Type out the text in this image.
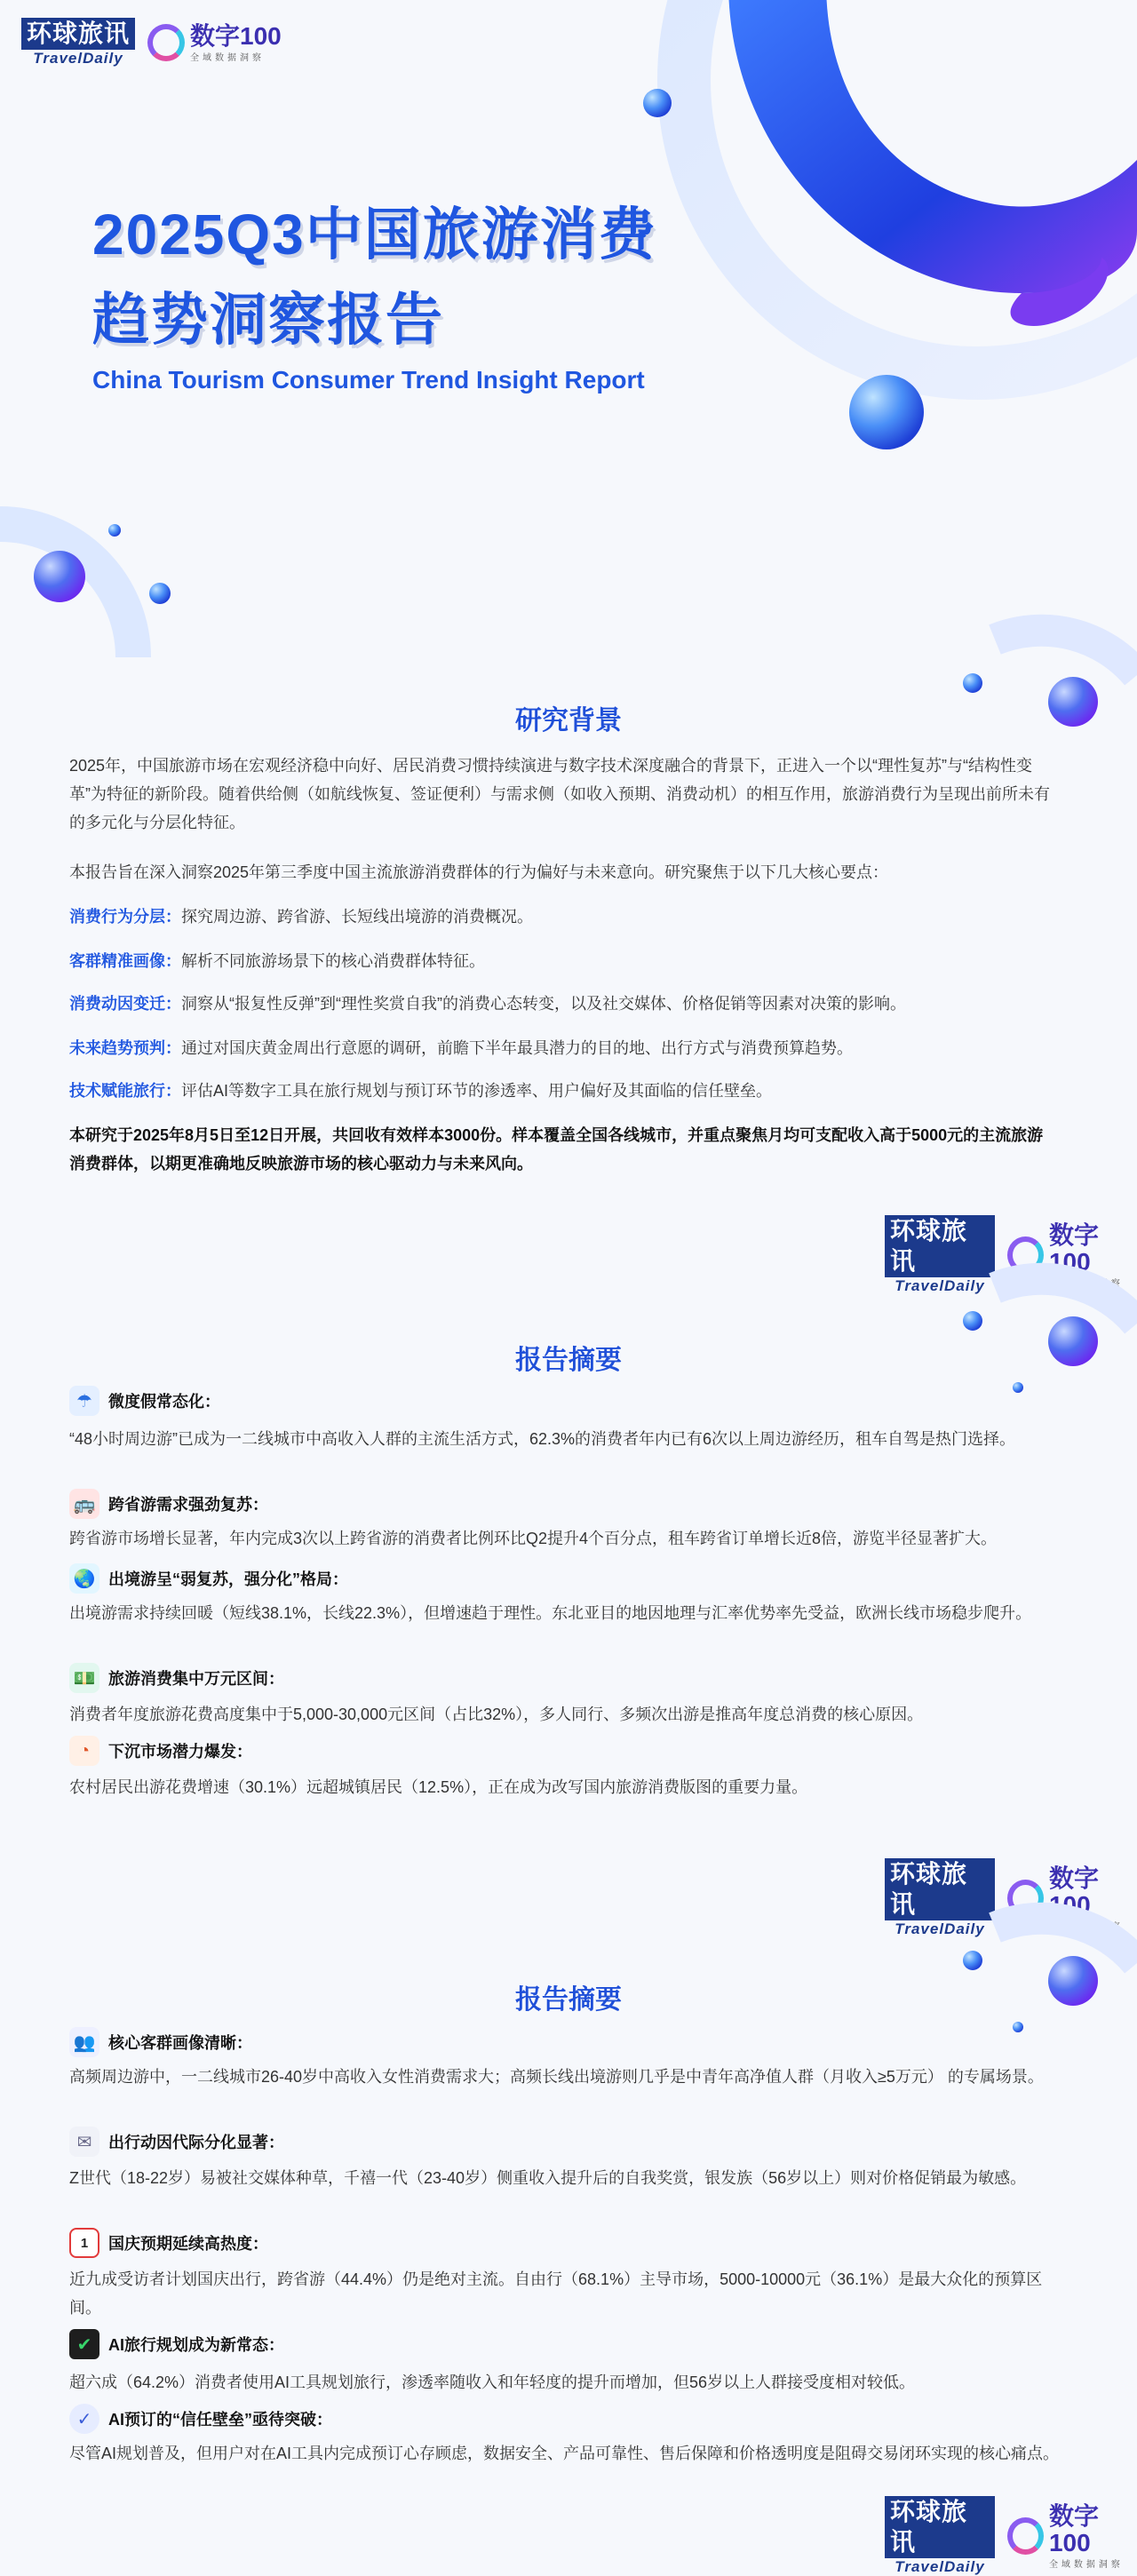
环球旅讯
TravelDaily
数字100
全域数据洞察
2025Q3中国旅游消费
趋势洞察报告
China Tourism Consumer Trend Insight Report
研究背景
2025年，中国旅游市场在宏观经济稳中向好、居民消费习惯持续演进与数字技术深度融合的背景下，正进入一个以“理性复苏”与“结构性变革”为特征的新阶段。随着供给侧（如航线恢复、签证便利）与需求侧（如收入预期、消费动机）的相互作用，旅游消费行为呈现出前所未有的多元化与分层化特征。
本报告旨在深入洞察2025年第三季度中国主流旅游消费群体的行为偏好与未来意向。研究聚焦于以下几大核心要点：
消费行为分层：探究周边游、跨省游、长短线出境游的消费概况。
客群精准画像：解析不同旅游场景下的核心消费群体特征。
消费动因变迁：洞察从“报复性反弹”到“理性奖赏自我”的消费心态转变，以及社交媒体、价格促销等因素对决策的影响。
未来趋势预判：通过对国庆黄金周出行意愿的调研，前瞻下半年最具潜力的目的地、出行方式与消费预算趋势。
技术赋能旅行：评估AI等数字工具在旅行规划与预订环节的渗透率、用户偏好及其面临的信任壁垒。
本研究于2025年8月5日至12日开展，共回收有效样本3000份。样本覆盖全国各线城市，并重点聚焦月均可支配收入高于5000元的主流旅游消费群体，以期更准确地反映旅游市场的核心驱动力与未来风向。
环球旅讯
TravelDaily
数字100
全域数据洞察
报告摘要
☂	微度假常态化：
“48小时周边游”已成为一二线城市中高收入人群的主流生活方式，62.3%的消费者年内已有6次以上周边游经历，租车自驾是热门选择。
🚌 跨省游需求强劲复苏：
跨省游市场增长显著，年内完成3次以上跨省游的消费者比例环比Q2提升4个百分点，租车跨省订单增长近8倍，游览半径显著扩大。
🌏 出境游呈“弱复苏，强分化”格局：
出境游需求持续回暖（短线38.1%，长线22.3%），但增速趋于理性。东北亚目的地因地理与汇率优势率先受益，欧洲长线市场稳步爬升。
💵 旅游消费集中万元区间：
消费者年度旅游花费高度集中于5,000-30,000元区间（占比32%），多人同行、多频次出游是推高年度总消费的核心原因。
◔	下沉市场潜力爆发：
农村居民出游花费增速（30.1%）远超城镇居民（12.5%），正在成为改写国内旅游消费版图的重要力量。
环球旅讯
TravelDaily
数字100
全域数据洞察
报告摘要
👥 核心客群画像清晰：
高频周边游中，一二线城市26-40岁中高收入女性消费需求大；高频长线出境游则几乎是中青年高净值人群（月收入≥5万元） 的专属场景。
✉	出行动因代际分化显著：
Z世代（18-22岁）易被社交媒体种草，千禧一代（23-40岁）侧重收入提升后的自我奖赏，银发族（56岁以上）则对价格促销最为敏感。
1	国庆预期延续高热度：
近九成受访者计划国庆出行，跨省游（44.4%）仍是绝对主流。自由行（68.1%）主导市场，5000-10000元（36.1%）是最大众化的预算区间。
✔	AI旅行规划成为新常态：
超六成（64.2%）消费者使用AI工具规划旅行，渗透率随收入和年轻度的提升而增加，但56岁以上人群接受度相对较低。
✓	AI预订的“信任壁垒”亟待突破：
尽管AI规划普及，但用户对在AI工具内完成预订心存顾虑，数据安全、产品可靠性、售后保障和价格透明度是阻碍交易闭环实现的核心痛点。
环球旅讯
TravelDaily
数字100
全域数据洞察
